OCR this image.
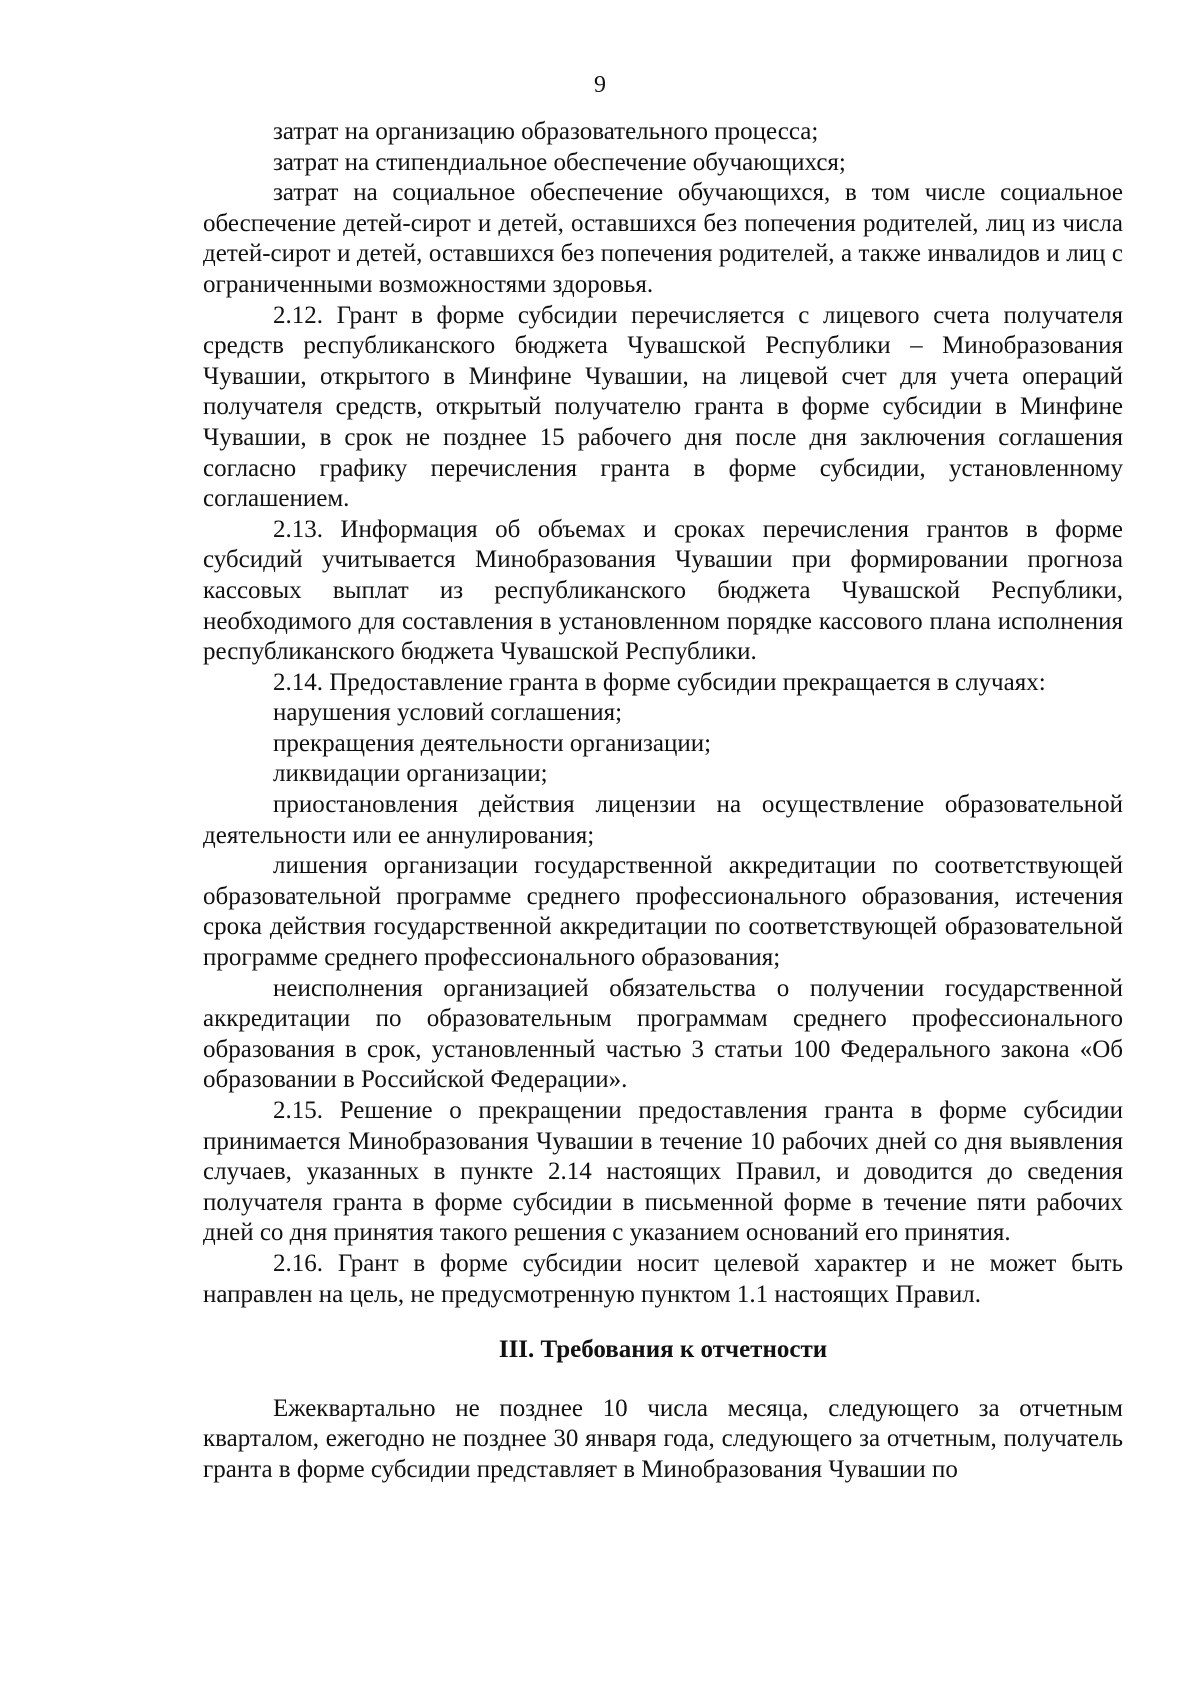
9

затрат на организацию образовательного процесса;

затрат на стипендиальное обеспечение обучающихся;

затрат на социальное обеспечение обучающихся, в том числе социальное обеспечение детей-сирот и детей, оставшихся без попечения родителей, лиц из числа детей-сирот и детей, оставшихся без попечения родителей, а также инвалидов и лиц с ограниченными возможностями здоровья.

2.12. Грант в форме субсидии перечисляется с лицевого счета получателя средств республиканского бюджета Чувашской Республики – Минобразования Чувашии, открытого в Минфине Чувашии, на лицевой счет для учета операций получателя средств, открытый получателю гранта в форме субсидии в Минфине Чувашии, в срок не позднее 15 рабочего дня после дня заключения соглашения согласно графику перечисления гранта в форме субсидии, установленному соглашением.

2.13. Информация об объемах и сроках перечисления грантов в форме субсидий учитывается Минобразования Чувашии при формировании прогноза кассовых выплат из республиканского бюджета Чувашской Республики, необходимого для составления в установленном порядке кассового плана исполнения республиканского бюджета Чувашской Республики.

2.14. Предоставление гранта в форме субсидии прекращается в случаях:

нарушения условий соглашения;

прекращения деятельности организации;

ликвидации организации;

приостановления действия лицензии на осуществление образовательной деятельности или ее аннулирования;

лишения организации государственной аккредитации по соответствующей образовательной программе среднего профессионального образования, истечения срока действия государственной аккредитации по соответствующей образовательной программе среднего профессионального образования;

неисполнения организацией обязательства о получении государственной аккредитации по образовательным программам среднего профессионального образования в срок, установленный частью 3 статьи 100 Федерального закона «Об образовании в Российской Федерации».

2.15. Решение о прекращении предоставления гранта в форме субсидии принимается Минобразования Чувашии в течение 10 рабочих дней со дня выявления случаев, указанных в пункте 2.14 настоящих Правил, и доводится до сведения получателя гранта в форме субсидии в письменной форме в течение пяти рабочих дней со дня принятия такого решения с указанием оснований его принятия.

2.16. Грант в форме субсидии носит целевой характер и не может быть направлен на цель, не предусмотренную пунктом 1.1 настоящих Правил.

III. Требования к отчетности

Ежеквартально не позднее 10 числа месяца, следующего за отчетным кварталом, ежегодно не позднее 30 января года, следующего за отчетным, получатель гранта в форме субсидии представляет в Минобразования Чувашии по
